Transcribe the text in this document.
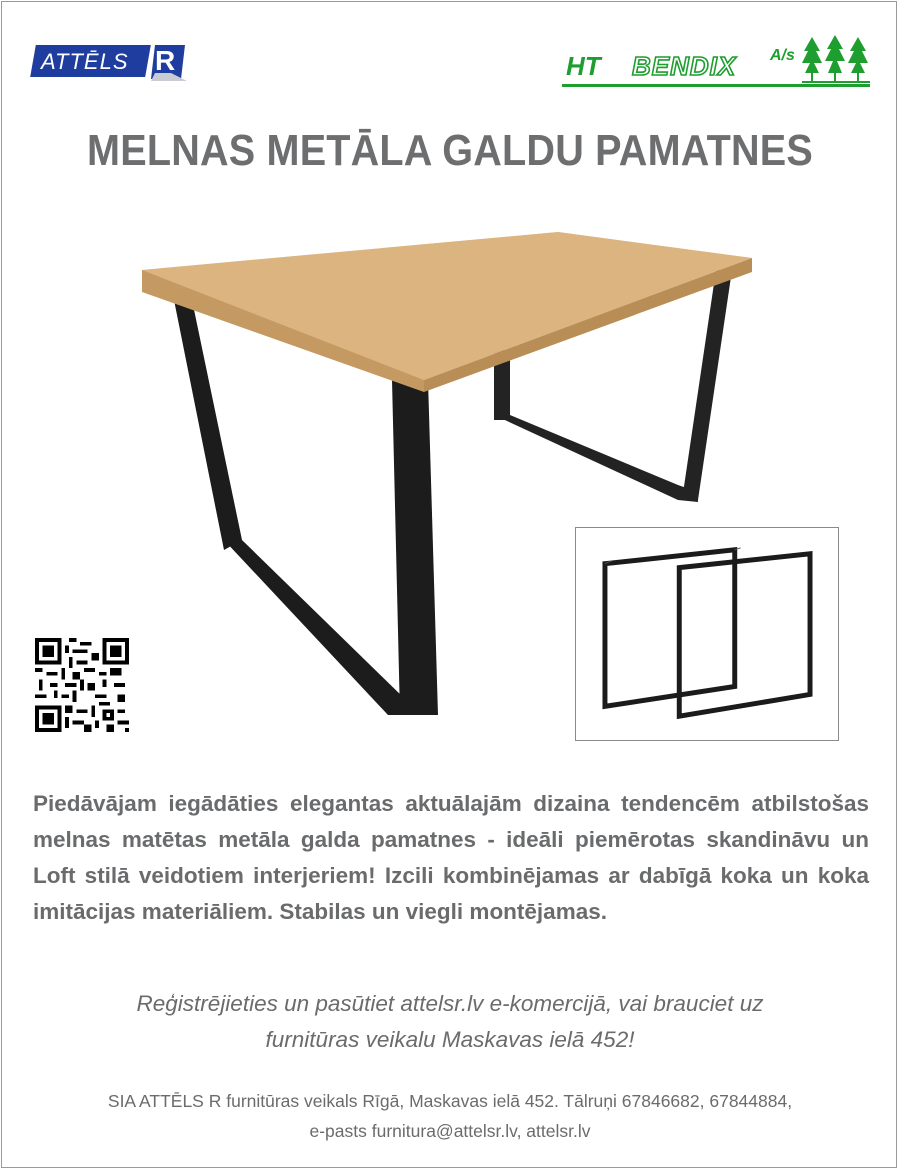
ATTĒLS R	HT BENDIX A/s
MELNAS METĀLA GALDU PAMATNES
Piedāvājam iegādāties elegantas aktuālajām dizaina tendencēm atbilstošas melnas matētas metāla galda pamatnes - ideāli piemērotas skandināvu un Loft stilā veidotiem interjeriem! Izcili kombinējamas ar dabīgā koka un koka imitācijas materiāliem. Stabilas un viegli montējamas.
Reģistrējieties un pasūtiet attelsr.lv e-komercijā, vai brauciet uz
furnitūras veikalu Maskavas ielā 452!
SIA ATTĒLS R furnitūras veikals Rīgā, Maskavas ielā 452. Tālruņi 67846682, 67844884,
e-pasts furnitura@attelsr.lv, attelsr.lv
